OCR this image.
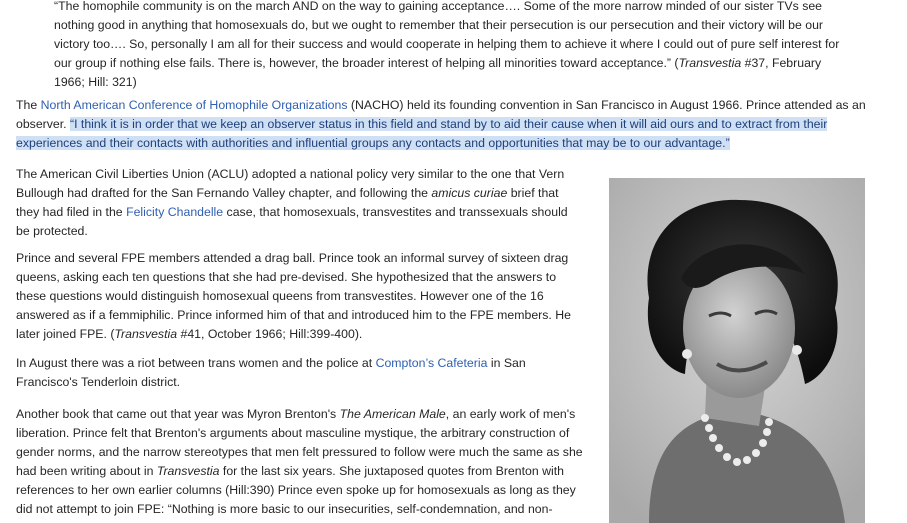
“The homophile community is on the march AND on the way to gaining acceptance…. Some of the more narrow minded of our sister TVs see nothing good in anything that homosexuals do, but we ought to remember that their persecution is our persecution and their victory will be our victory too…. So, personally I am all for their success and would cooperate in helping them to achieve it where I could out of pure self interest for our group if nothing else fails. There is, however, the broader interest of helping all minorities toward acceptance.” (Transvestia #37, February 1966; Hill: 321)

The North American Conference of Homophile Organizations (NACHO) held its founding convention in San Francisco in August 1966. Prince attended as an observer. “I think it is in order that we keep an observer status in this field and stand by to aid their cause when it will aid ours and to extract from their experiences and their contacts with authorities and influential groups any contacts and opportunities that may be to our advantage.”

The American Civil Liberties Union (ACLU) adopted a national policy very similar to the one that Vern Bullough had drafted for the San Fernando Valley chapter, and following the amicus curiae brief that they had filed in the Felicity Chandelle case, that homosexuals, transvestites and transsexuals should be protected.

Prince and several FPE members attended a drag ball. Prince took an informal survey of sixteen drag queens, asking each ten questions that she had pre-devised. She hypothesized that the answers to these questions would distinguish homosexual queens from transvestites. However one of the 16 answered as if a femmiphilic. Prince informed him of that and introduced him to the FPE members. He later joined FPE. (Transvestia #41, October 1966; Hill:399-400).

In August there was a riot between trans women and the police at Compton’s Cafeteria in San Francisco's Tenderloin district.

Another book that came out that year was Myron Brenton's The American Male, an early work of men's liberation. Prince felt that Brenton's arguments about masculine mystique, the arbitrary construction of gender norms, and the narrow stereotypes that men felt pressured to follow were much the same as she had been writing about in Transvestia for the last six years. She juxtaposed quotes from Brenton with references to her own earlier columns (Hill:390) Prince even spoke up for homosexuals as long as they did not attempt to join FPE: “Nothing is more basic to our insecurities, self-condemnation, and non-
